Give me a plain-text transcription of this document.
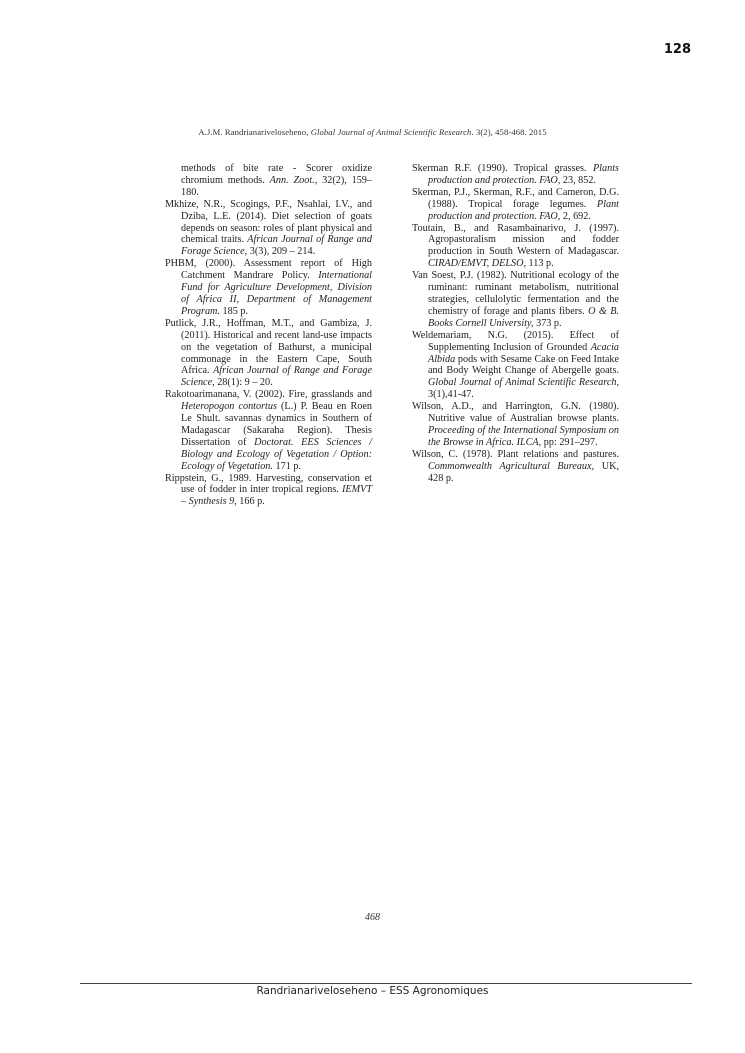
128
A.J.M. Randrianarivelosehenо, Global Journal of Animal Scientific Research. 3(2), 458-468. 2015

methods of bite rate - Scorer oxidize chromium methods. Ann. Zoot., 32(2), 159–180.

Mkhize, N.R., Scogings, P.F., Nsahlai, I.V., and Dziba, L.E. (2014). Diet selection of goats depends on season: roles of plant physical and chemical traits. African Journal of Range and Forage Science, 3(3), 209 – 214.

PHBM, (2000). Assessment report of High Catchment Mandrare Policy. International Fund for Agriculture Development, Division of Africa II, Department of Management Program. 185 p.

Putlick, J.R., Hoffman, M.T., and Gambiza, J. (2011). Historical and recent land-use impacts on the vegetation of Bathurst, a municipal commonage in the Eastern Cape, South Africa. African Journal of Range and Forage Science, 28(1): 9 – 20.

Rakotoarimanana, V. (2002). Fire, grasslands and Heteropogon contortus (L.) P. Beau en Roen Le Shult. savannas dynamics in Southern of Madagascar (Sakaraha Region). Thesis Dissertation of Doctorat. EES Sciences / Biology and Ecology of Vegetation / Option: Ecology of Vegetation. 171 p.

Rippstein, G., 1989. Harvesting, conservation et use of fodder in inter tropical regions. IEMVT – Synthesis 9, 166 p.

Skerman R.F. (1990). Tropical grasses. Plants production and protection. FAO, 23, 852.

Skerman, P.J., Skerman, R.F., and Cameron, D.G. (1988). Tropical forage legumes. Plant production and protection. FAO, 2, 692.

Toutain, B., and Rasambainarivo, J. (1997). Agropastoralism mission and fodder production in South Western of Madagascar. CIRAD/EMVT, DELSO, 113 p.

Van Soest, P.J. (1982). Nutritional ecology of the ruminant: ruminant metabolism, nutritional strategies, cellulolytic fermentation and the chemistry of forage and plants fibers. O & B. Books Cornell University, 373 p.

Weldemariam, N.G. (2015). Effect of Supplementing Inclusion of Grounded Acacia Albida pods with Sesame Cake on Feed Intake and Body Weight Change of Abergelle goats. Global Journal of Animal Scientific Research, 3(1),41-47.

Wilson, A.D., and Harrington, G.N. (1980). Nutritive value of Australian browse plants. Proceeding of the International Symposium on the Browse in Africa. ILCA, pp: 291–297.

Wilson, C. (1978). Plant relations and pastures. Commonwealth Agricultural Bureaux, UK, 428 p.

468
Randrianarivelosehenо – ESS Agronomiques
